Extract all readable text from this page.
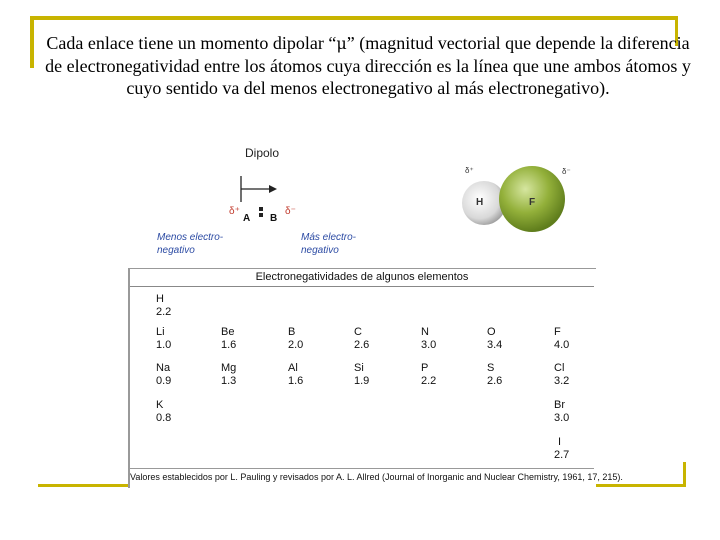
Cada enlace tiene un momento dipolar “μ” (magnitud vectorial que depende la diferencia de electronegatividad entre los átomos cuya dirección es la línea que une ambos átomos y cuyo sentido va del menos electronegativo al más electronegativo).
Dipolo
δ⁺
A B
δ⁻
Menos electro-
negativo
Más electro-
negativo
δ⁺	δ⁻
H	F
Electronegatividades de algunos elementos
H
2.2
Li
1.0
Be
1.6
B
2.0
C
2.6
N
3.0
O
3.4
F
4.0
Na
0.9
Mg
1.3
Al
1.6
Si
1.9
P
2.2
S
2.6
Cl
3.2
K
0.8
Br
3.0
I
2.7
Valores establecidos por L. Pauling y revisados por A. L. Allred (Journal of Inorganic and Nuclear Chemistry, 1961, 17, 215).
